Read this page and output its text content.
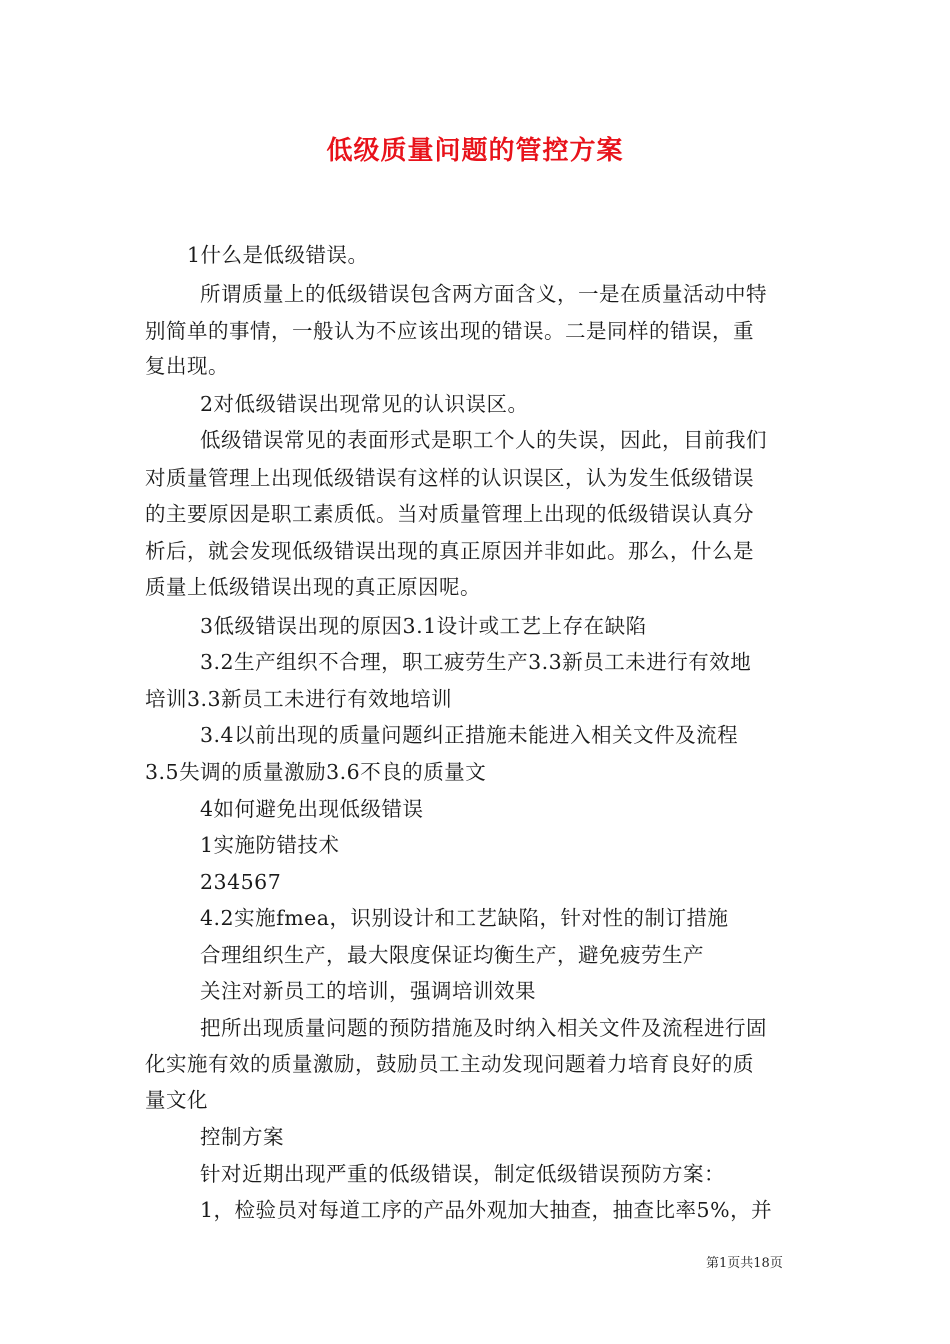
低级质量问题的管控方案
1什么是低级错误。
所谓质量上的低级错误包含两方面含义，一是在质量活动中特
别简单的事情，一般认为不应该出现的错误。二是同样的错误，重
复出现。
2对低级错误出现常见的认识误区。
低级错误常见的表面形式是职工个人的失误，因此，目前我们
对质量管理上出现低级错误有这样的认识误区，认为发生低级错误
的主要原因是职工素质低。当对质量管理上出现的低级错误认真分
析后，就会发现低级错误出现的真正原因并非如此。那么，什么是
质量上低级错误出现的真正原因呢。
3低级错误出现的原因3.1设计或工艺上存在缺陷
3.2生产组织不合理，职工疲劳生产3.3新员工未进行有效地
培训3.3新员工未进行有效地培训
3.4以前出现的质量问题纠正措施未能进入相关文件及流程
3.5失调的质量激励3.6不良的质量文
4如何避免出现低级错误
1实施防错技术
234567
4.2实施fmea，识别设计和工艺缺陷，针对性的制订措施
合理组织生产，最大限度保证均衡生产，避免疲劳生产
关注对新员工的培训，强调培训效果
把所出现质量问题的预防措施及时纳入相关文件及流程进行固
化实施有效的质量激励，鼓励员工主动发现问题着力培育良好的质
量文化
控制方案
针对近期出现严重的低级错误，制定低级错误预防方案：
1，检验员对每道工序的产品外观加大抽查，抽查比率5%，并
第1页共18页
